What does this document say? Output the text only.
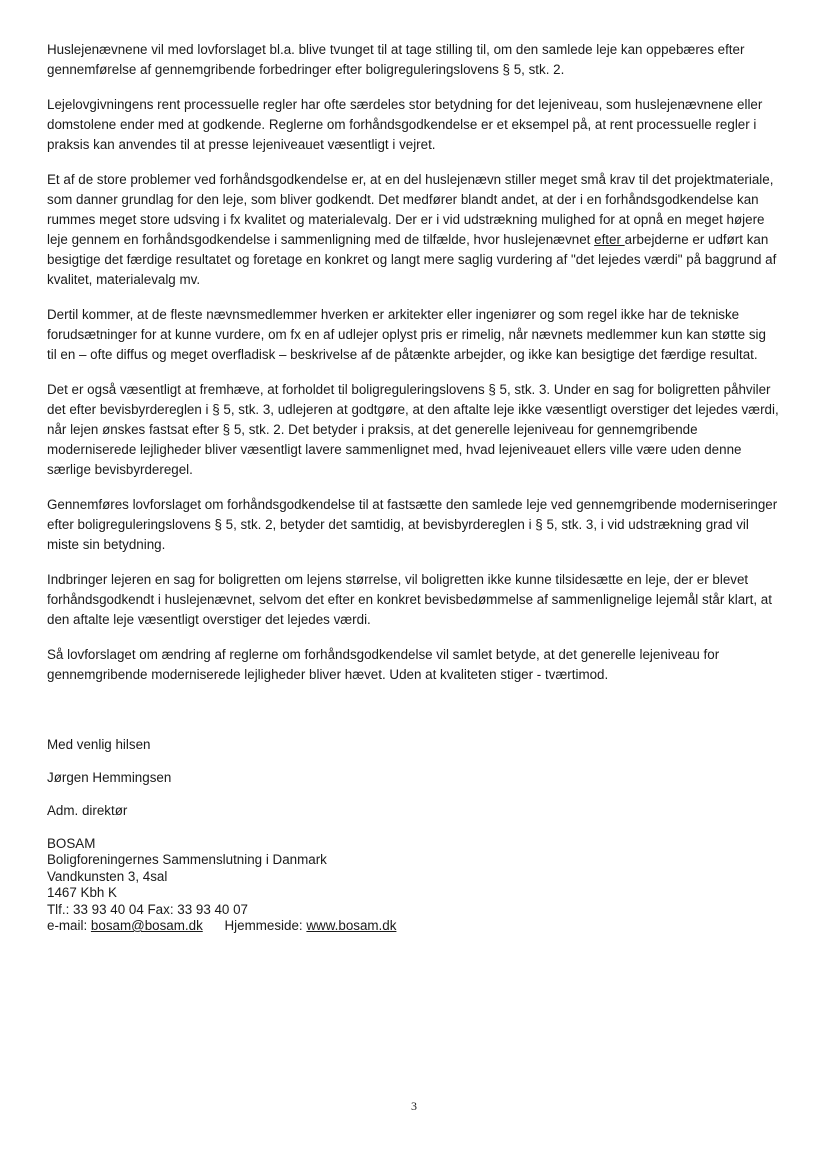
Huslejenævnene vil med lovforslaget bl.a. blive tvunget til at tage stilling til, om den samlede leje kan oppebæres efter gennemførelse af gennemgribende forbedringer efter boligreguleringslovens § 5, stk. 2.

Lejelovgivningens rent processuelle regler har ofte særdeles stor betydning for det lejeniveau, som huslejenævnene eller domstolene ender med at godkende. Reglerne om forhåndsgodkendelse er et eksempel på, at rent processuelle regler i praksis kan anvendes til at presse lejeniveauet væsentligt i vejret.

Et af de store problemer ved forhåndsgodkendelse er, at en del huslejenævn stiller meget små krav til det projektmateriale, som danner grundlag for den leje, som bliver godkendt. Det medfører blandt andet, at der i en forhåndsgodkendelse kan rummes meget store udsving i fx kvalitet og materialevalg. Der er i vid udstrækning mulighed for at opnå en meget højere leje gennem en forhåndsgodkendelse i sammenligning med de tilfælde, hvor huslejenævnet efter arbejderne er udført kan besigtige det færdige resultatet og foretage en konkret og langt mere saglig vurdering af "det lejedes værdi" på baggrund af kvalitet, materialevalg mv.

Dertil kommer, at de fleste nævnsmedlemmer hverken er arkitekter eller ingeniører og som regel ikke har de tekniske forudsætninger for at kunne vurdere, om fx en af udlejer oplyst pris er rimelig, når nævnets medlemmer kun kan støtte sig til en – ofte diffus og meget overfladisk – beskrivelse af de påtænkte arbejder, og ikke kan besigtige det færdige resultat.

Det er også væsentligt at fremhæve, at forholdet til boligreguleringslovens § 5, stk. 3. Under en sag for boligretten påhviler det efter bevisbyrdereglen i § 5, stk. 3, udlejeren at godtgøre, at den aftalte leje ikke væsentligt overstiger det lejedes værdi, når lejen ønskes fastsat efter § 5, stk. 2. Det betyder i praksis, at det generelle lejeniveau for gennemgribende moderniserede lejligheder bliver væsentligt lavere sammenlignet med, hvad lejeniveauet ellers ville være uden denne særlige bevisbyrderegel.

Gennemføres lovforslaget om forhåndsgodkendelse til at fastsætte den samlede leje ved gennemgribende moderniseringer efter boligreguleringslovens § 5, stk. 2, betyder det samtidig, at bevisbyrdereglen i § 5, stk. 3, i vid udstrækning grad vil miste sin betydning.

Indbringer lejeren en sag for boligretten om lejens størrelse, vil boligretten ikke kunne tilsidesætte en leje, der er blevet forhåndsgodkendt i huslejenævnet, selvom det efter en konkret bevisbedømmelse af sammenlignelige lejemål står klart, at den aftalte leje væsentligt overstiger det lejedes værdi.

Så lovforslaget om ændring af reglerne om forhåndsgodkendelse vil samlet betyde, at det generelle lejeniveau for gennemgribende moderniserede lejligheder bliver hævet. Uden at kvaliteten stiger - tværtimod.

Med venlig hilsen

Jørgen Hemmingsen

Adm. direktør

BOSAM
Boligforeningernes Sammenslutning i Danmark
Vandkunsten 3, 4sal
1467 Kbh K
Tlf.: 33 93 40 04 Fax: 33 93 40 07
e-mail: bosam@bosam.dk Hjemmeside: www.bosam.dk
3
